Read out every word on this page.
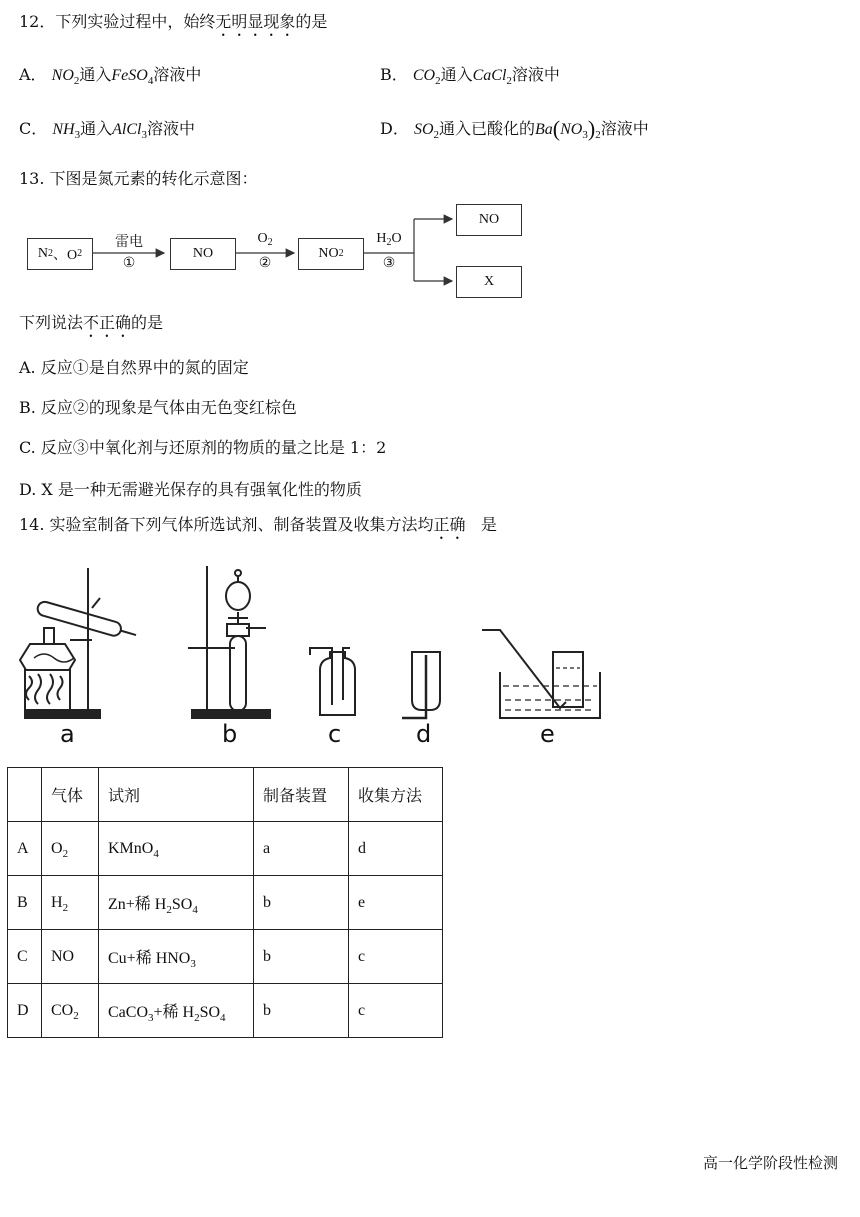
12．下列实验过程中，始终无明显现象的是
A． $NO_2$通入FeSO$_4$溶液中	B． $CO_2$通入CaCl$_2$溶液中
C． $NH_3$通入AlCl$_3$溶液中	D． $SO_2$通入已酸化的$Ba(NO_3)_2$溶液中
13. 下图是氮元素的转化示意图：
N 2 、O 2
雷电
①
NO
$O_2$
②
NO 2
$H_2O$
③
NO
X
下列说法不正确的是
A. 反应①是自然界中的氮的固定
B. 反应②的现象是气体由无色变红棕色
C. 反应③中氧化剂与还原剂的物质的量之比是 1：2
D. X 是一种无需避光保存的具有强氧化性的物质
14. 实验室制备下列气体所选试剂、制备装置及收集方法均正确 是
a	b	c	d	e
	气体	试剂	制备装置	收集方法
A	$O_2$	KMnO$_4$	a	d
B	$H_2$	Zn+稀 $H_2SO_4$	b	e
C	NO	Cu+稀 $HNO_3$	b	c
D	$CO_2$	CaCO$_3$+稀 $H_2SO_4$	b	c
高一化学阶段性检测
